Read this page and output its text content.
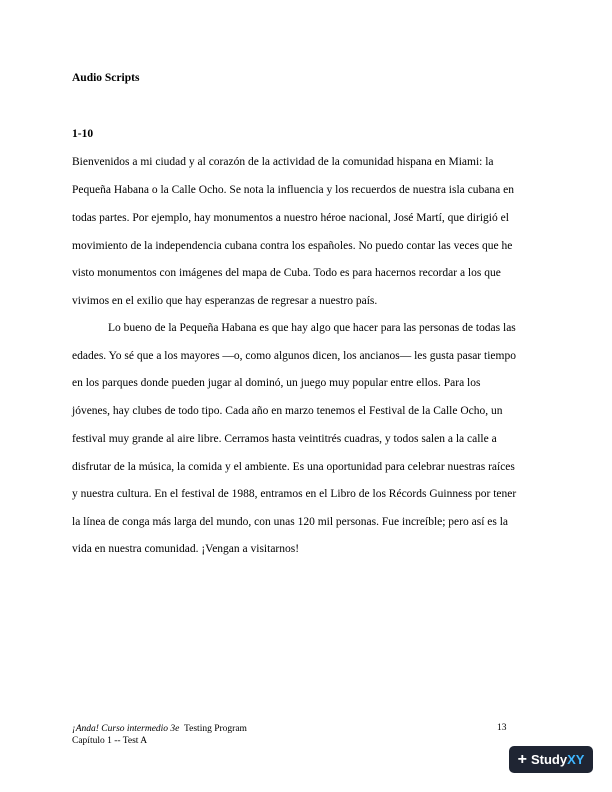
Audio Scripts
1-10
Bienvenidos a mi ciudad y al corazón de la actividad de la comunidad hispana en Miami: la
Pequeña Habana o la Calle Ocho. Se nota la influencia y los recuerdos de nuestra isla cubana en
todas partes. Por ejemplo, hay monumentos a nuestro héroe nacional, José Martí, que dirigió el
movimiento de la independencia cubana contra los españoles. No puedo contar las veces que he
visto monumentos con imágenes del mapa de Cuba. Todo es para hacernos recordar a los que
vivimos en el exilio que hay esperanzas de regresar a nuestro país.
Lo bueno de la Pequeña Habana es que hay algo que hacer para las personas de todas las
edades. Yo sé que a los mayores —o, como algunos dicen, los ancianos— les gusta pasar tiempo
en los parques donde pueden jugar al dominó, un juego muy popular entre ellos. Para los
jóvenes, hay clubes de todo tipo. Cada año en marzo tenemos el Festival de la Calle Ocho, un
festival muy grande al aire libre. Cerramos hasta veintitrés cuadras, y todos salen a la calle a
disfrutar de la música, la comida y el ambiente. Es una oportunidad para celebrar nuestras raíces
y nuestra cultura. En el festival de 1988, entramos en el Libro de los Récords Guinness por tener
la línea de conga más larga del mundo, con unas 120 mil personas. Fue increíble; pero así es la
vida en nuestra comunidad. ¡Vengan a visitarnos!
¡Anda! Curso intermedio 3e Testing Program
Capítulo 1 -- Test A
13
+ StudyXY
